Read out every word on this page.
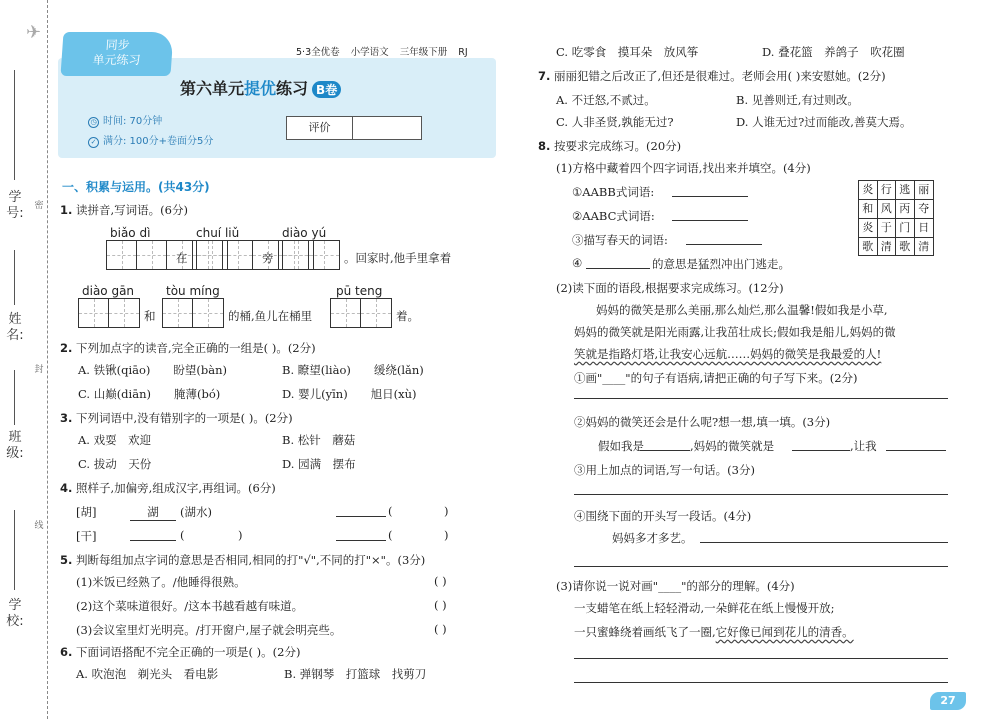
学号:
姓名:
班级:
学校:
密
封
线
✈
同步
单元练习
5·3全优卷 小学语文 三年级下册 RJ
第六单元提优练习 B卷
◷ 时间: 70分钟
✓ 满分: 100分+卷面分5分
评价
一、积累与运用。(共43分)
1. 读拼音,写词语。(6分)
biǎo dì
在
chuí liǔ
旁
diào yú
。回家时,他手里拿着
diào gān
和
tòu míng
的桶,鱼儿在桶里
pū teng
着。
2. 下列加点字的读音,完全正确的一组是( )。(2分)
A. 铁锹(qiāo)　　盼望(bàn)	B. 瞭望(liào)　　缓绕(lǎn)
C. 山巅(diān)　　腌薄(bó)	D. 婴儿(yīn)　　旭日(xù)
3. 下列词语中,没有错别字的一项是( )。(2分)
A. 戏耍　欢迎	B. 松针　蘑菇
C. 拔动　天份	D. 园满　摆布
4. 照样子,加偏旁,组成汉字,再组词。(6分)
[胡]	湖	(湖水)	(	)
[干]	(	)	(	)
5. 判断每组加点字词的意思是否相同,相同的打"√",不同的打"×"。(3分)
(1)米饭已经熟了。/他睡得很熟。	( )
(2)这个菜味道很好。/这本书越看越有味道。	( )
(3)会议室里灯光明亮。/打开窗户,屋子就会明亮些。	( )
6. 下面词语搭配不完全正确的一项是( )。(2分)
A. 吹泡泡　剃光头　看电影	B. 弹钢琴　打篮球　找剪刀
C. 吃零食　摸耳朵　放风筝	D. 叠花篮　养鸽子　吹花圈
7. 丽丽犯错之后改正了,但还是很难过。老师会用( )来安慰她。(2分)
A. 不迁怒,不贰过。	B. 见善则迁,有过则改。
C. 人非圣贤,孰能无过?	D. 人谁无过?过而能改,善莫大焉。
8. 按要求完成练习。(20分)
(1)方格中藏着四个四字词语,找出来并填空。(4分)
①AABB式词语:
②AABC式词语:
③描写春天的词语:
④	的意思是猛烈冲出门逃走。
炎 行 逃 丽
和 风 丙 夺
炎 于 门 日
歌 清 歌 清
(2)读下面的语段,根据要求完成练习。(12分)
妈妈的微笑是那么美丽,那么灿烂,那么温馨!假如我是小草,
妈妈的微笑就是阳光雨露,让我茁壮成长;假如我是船儿,妈妈的微
笑就是指路灯塔,让我安心远航……妈妈的微笑是我最爱的人!
①画"____"的句子有语病,请把正确的句子写下来。(2分)
②妈妈的微笑还会是什么呢?想一想,填一填。(3分)
假如我是	,妈妈的微笑就是	,让我
③用上加点的词语,写一句话。(3分)
④围绕下面的开头写一段话。(4分)
妈妈多才多艺。
(3)请你说一说对画"____"的部分的理解。(4分)
一支蜡笔在纸上轻轻滑动,一朵鲜花在纸上慢慢开放;
一只蜜蜂绕着画纸飞了一圈,它好像已闻到花儿的清香。
27
